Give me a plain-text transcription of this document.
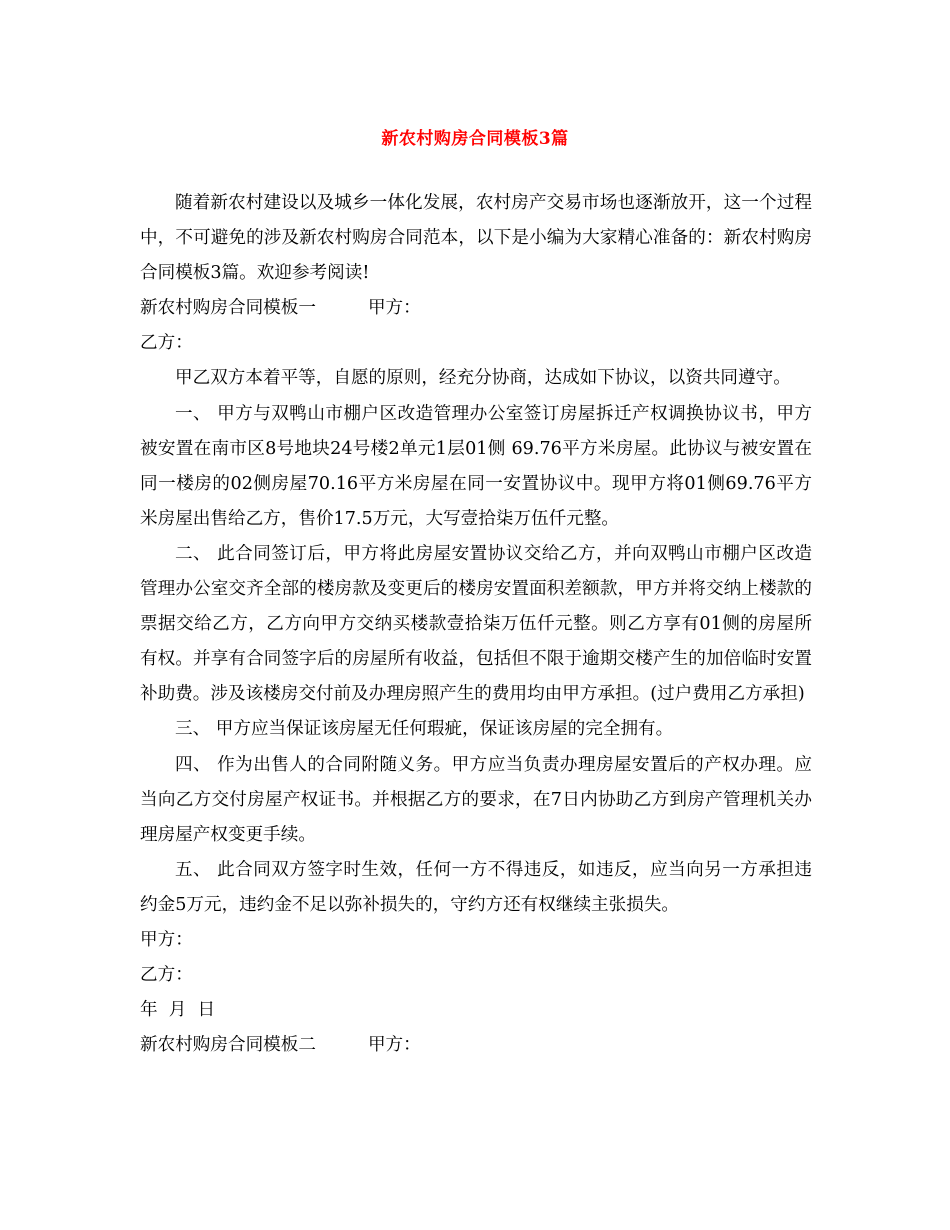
新农村购房合同模板3篇

随着新农村建设以及城乡一体化发展，农村房产交易市场也逐渐放开，这一个过程中，不可避免的涉及新农村购房合同范本，以下是小编为大家精心准备的：新农村购房合同模板3篇。欢迎参考阅读!

新农村购房合同模板一	甲方：

乙方：

甲乙双方本着平等，自愿的原则，经充分协商，达成如下协议，以资共同遵守。

一、 甲方与双鸭山市棚户区改造管理办公室签订房屋拆迁产权调换协议书，甲方被安置在南市区8号地块24号楼2单元1层01侧 69.76平方米房屋。此协议与被安置在同一楼房的02侧房屋70.16平方米房屋在同一安置协议中。现甲方将01侧69.76平方米房屋出售给乙方，售价17.5万元，大写壹拾柒万伍仟元整。

二、 此合同签订后，甲方将此房屋安置协议交给乙方，并向双鸭山市棚户区改造管理办公室交齐全部的楼房款及变更后的楼房安置面积差额款，甲方并将交纳上楼款的票据交给乙方，乙方向甲方交纳买楼款壹拾柒万伍仟元整。则乙方享有01侧的房屋所有权。并享有合同签字后的房屋所有收益，包括但不限于逾期交楼产生的加倍临时安置补助费。涉及该楼房交付前及办理房照产生的费用均由甲方承担。(过户费用乙方承担)

三、 甲方应当保证该房屋无任何瑕疵，保证该房屋的完全拥有。

四、 作为出售人的合同附随义务。甲方应当负责办理房屋安置后的产权办理。应当向乙方交付房屋产权证书。并根据乙方的要求，在7日内协助乙方到房产管理机关办理房屋产权变更手续。

五、 此合同双方签字时生效，任何一方不得违反，如违反，应当向另一方承担违约金5万元，违约金不足以弥补损失的，守约方还有权继续主张损失。

甲方：

乙方：

年  月  日

新农村购房合同模板二	甲方：
